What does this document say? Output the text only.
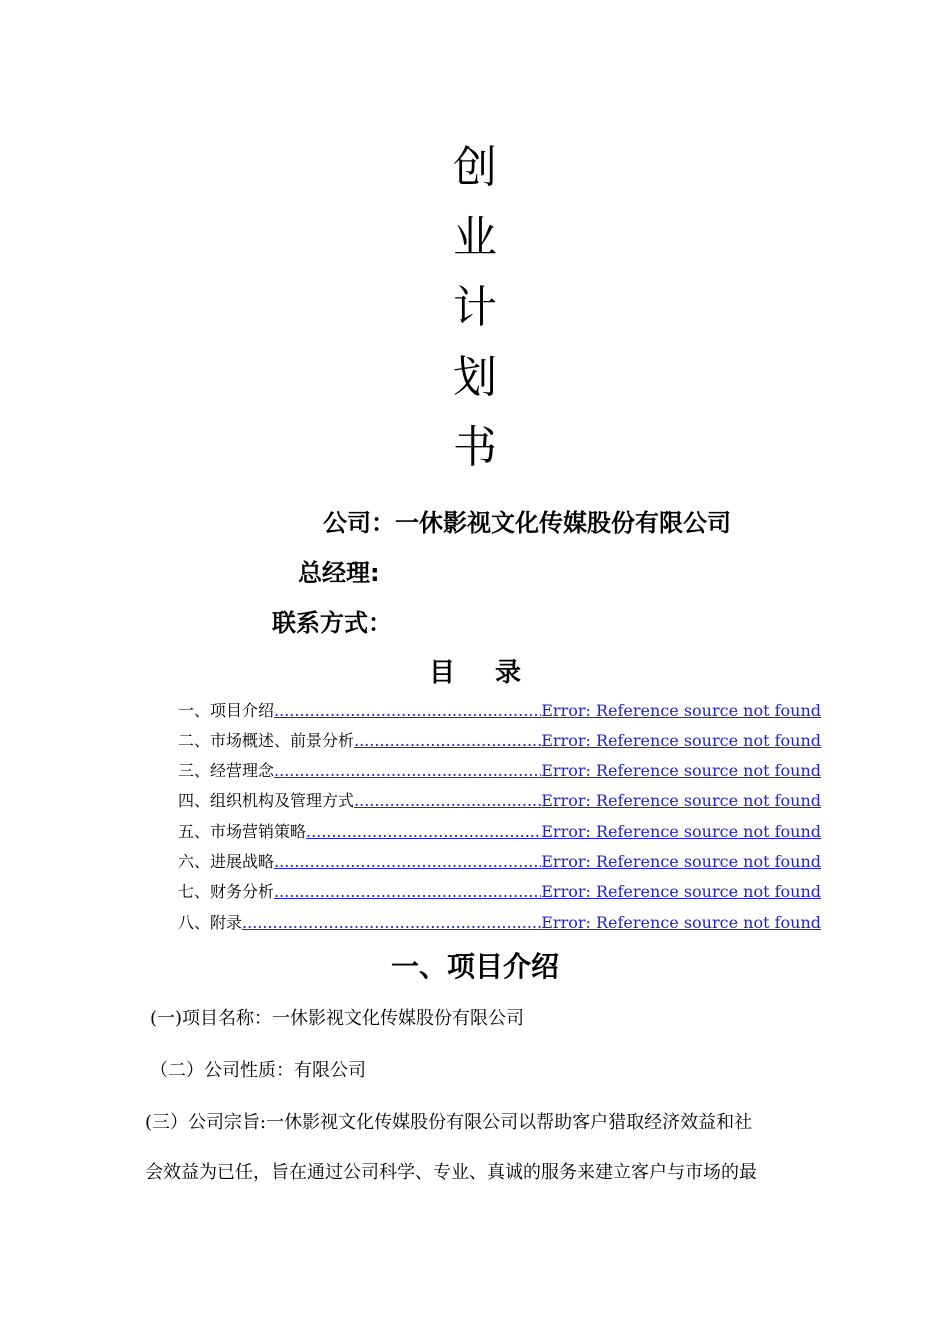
创
业
计
划
书
公司：一休影视文化传媒股份有限公司
总经理:
联系方式：
目 录
一、项目介绍 .....	Error: Reference source not found
二、市场概述、前景分析 .....	Error: Reference source not found
三、经营理念 .....	Error: Reference source not found
四、组织机构及管理方式 .....	Error: Reference source not found
五、市场营销策略 .....	Error: Reference source not found
六、进展战略 .....	Error: Reference source not found
七、财务分析 .....	Error: Reference source not found
八、附录 .....	Error: Reference source not found
一、项目介绍
(一)项目名称：一休影视文化传媒股份有限公司
（二）公司性质：有限公司
(三）公司宗旨:一休影视文化传媒股份有限公司以帮助客户猎取经济效益和社
会效益为已任，旨在通过公司科学、专业、真诚的服务来建立客户与市场的最
